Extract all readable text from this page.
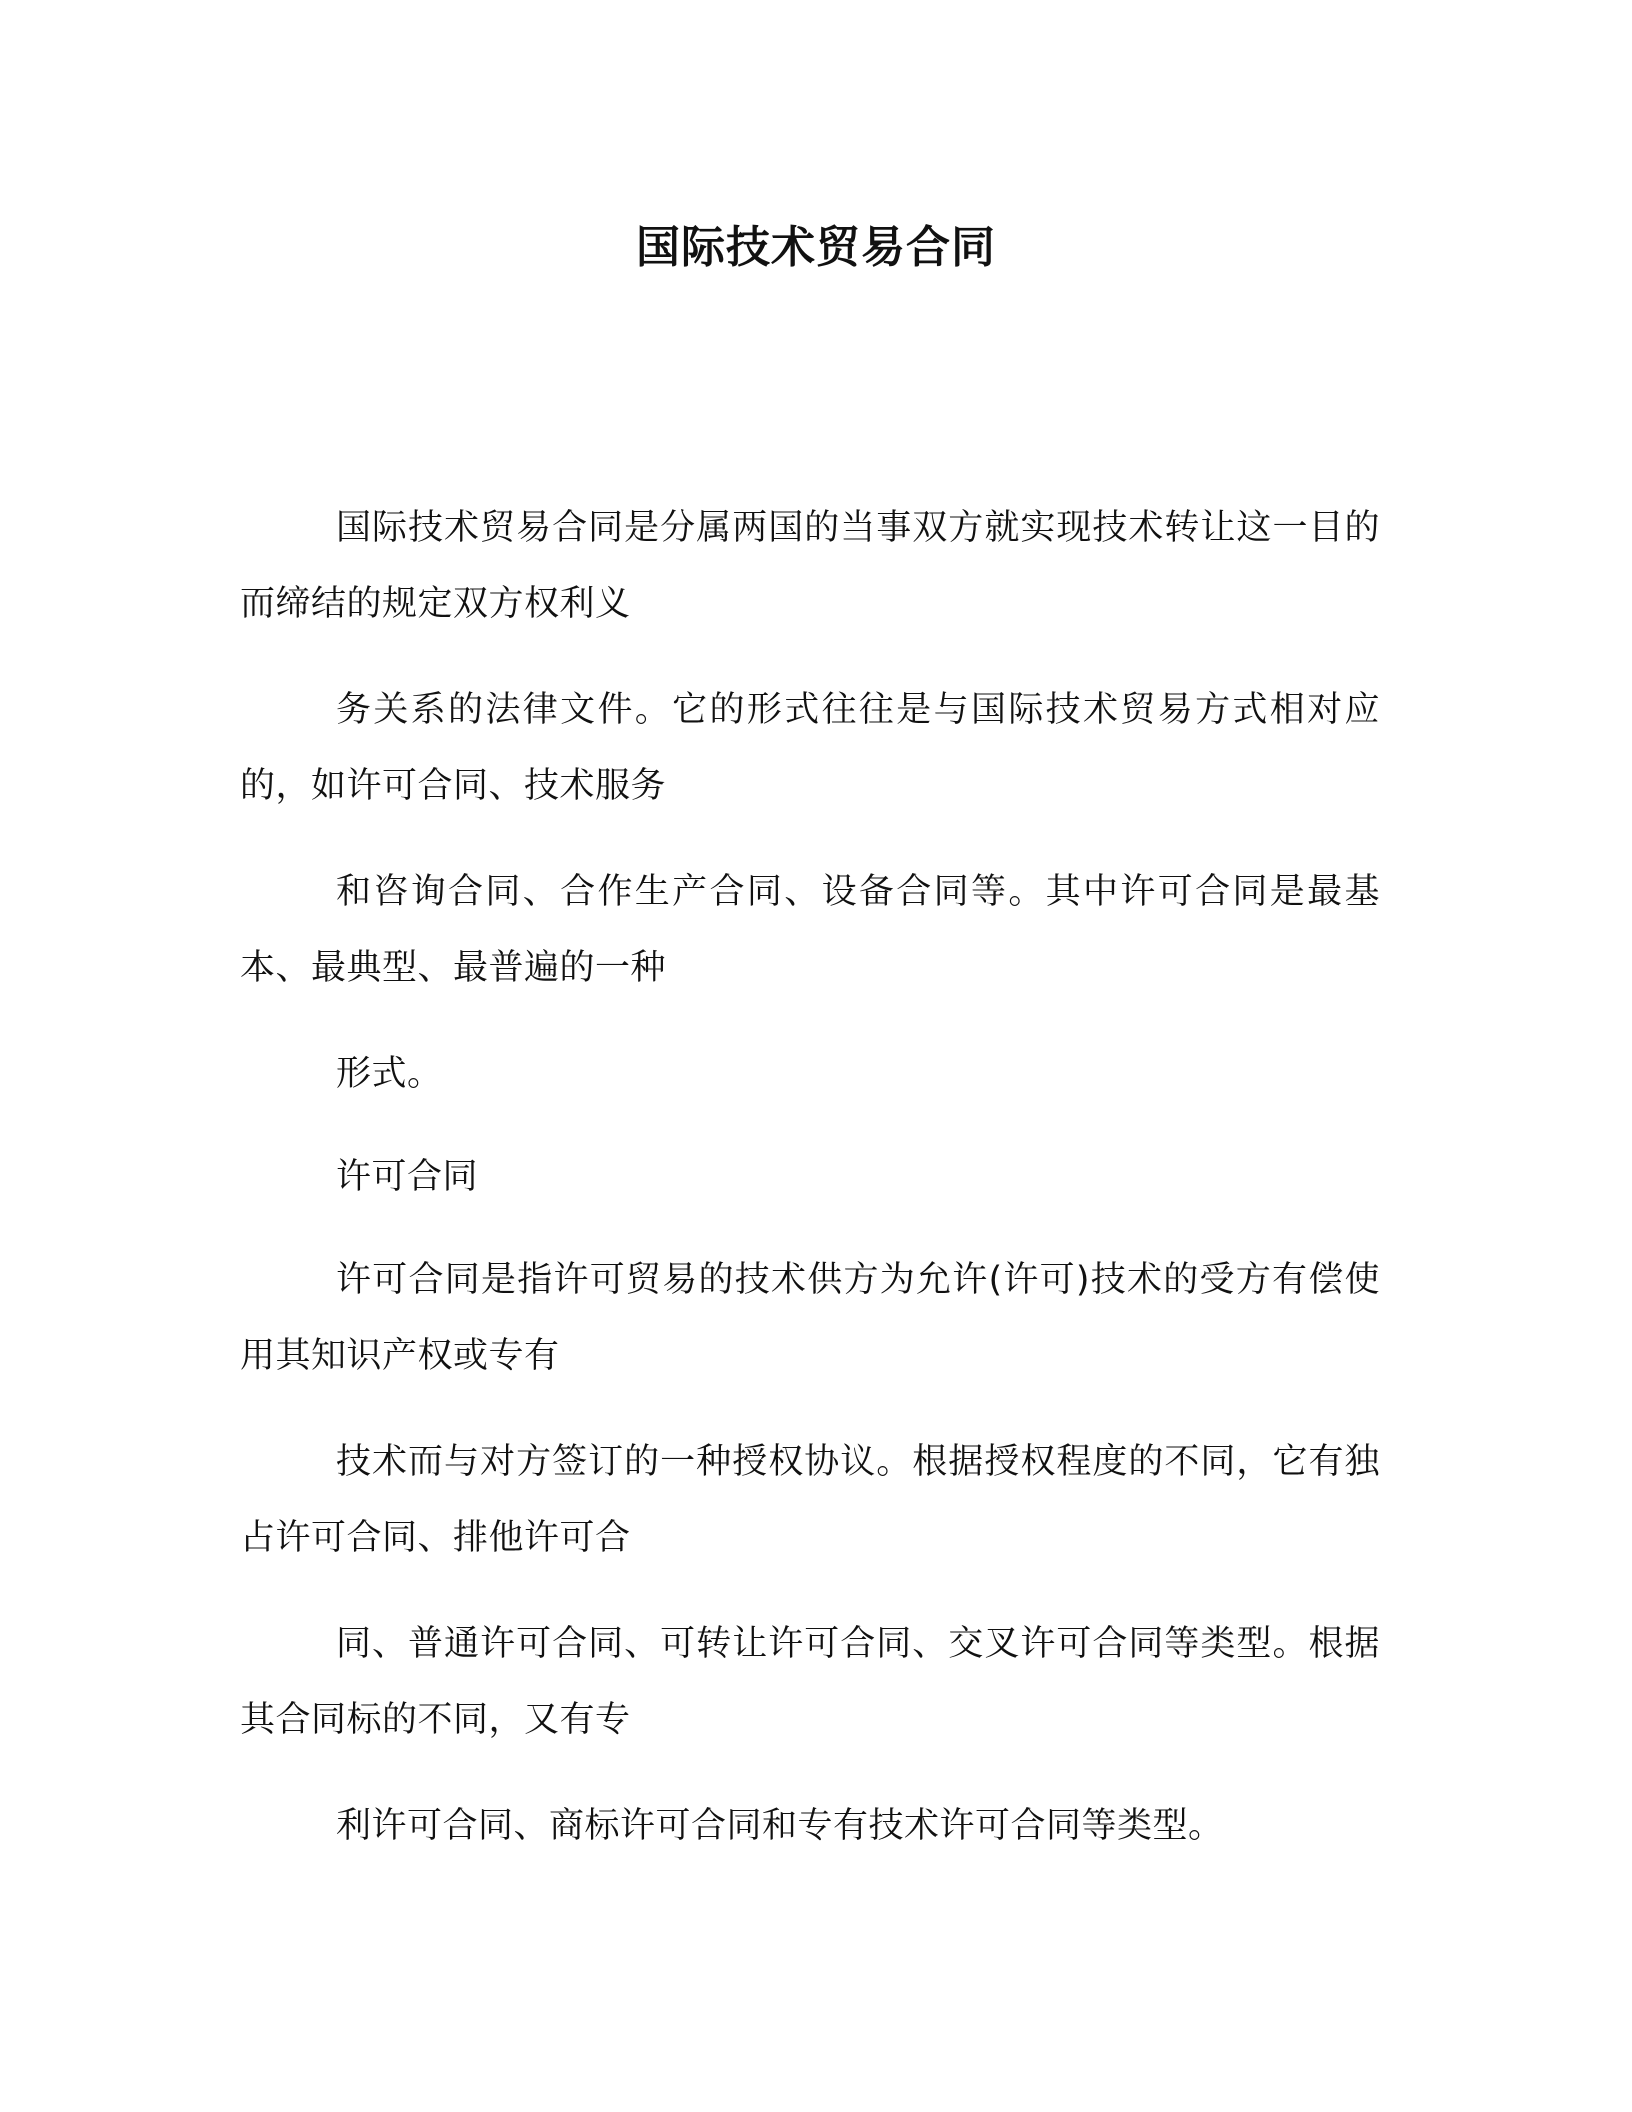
国际技术贸易合同

国际技术贸易合同是分属两国的当事双方就实现技术转让这一目的而缔结的规定双方权利义

务关系的法律文件。它的形式往往是与国际技术贸易方式相对应的，如许可合同、技术服务

和咨询合同、合作生产合同、设备合同等。其中许可合同是最基本、最典型、最普遍的一种

形式。

许可合同

许可合同是指许可贸易的技术供方为允许(许可)技术的受方有偿使用其知识产权或专有

技术而与对方签订的一种授权协议。根据授权程度的不同，它有独占许可合同、排他许可合

同、普通许可合同、可转让许可合同、交叉许可合同等类型。根据其合同标的不同，又有专

利许可合同、商标许可合同和专有技术许可合同等类型。
